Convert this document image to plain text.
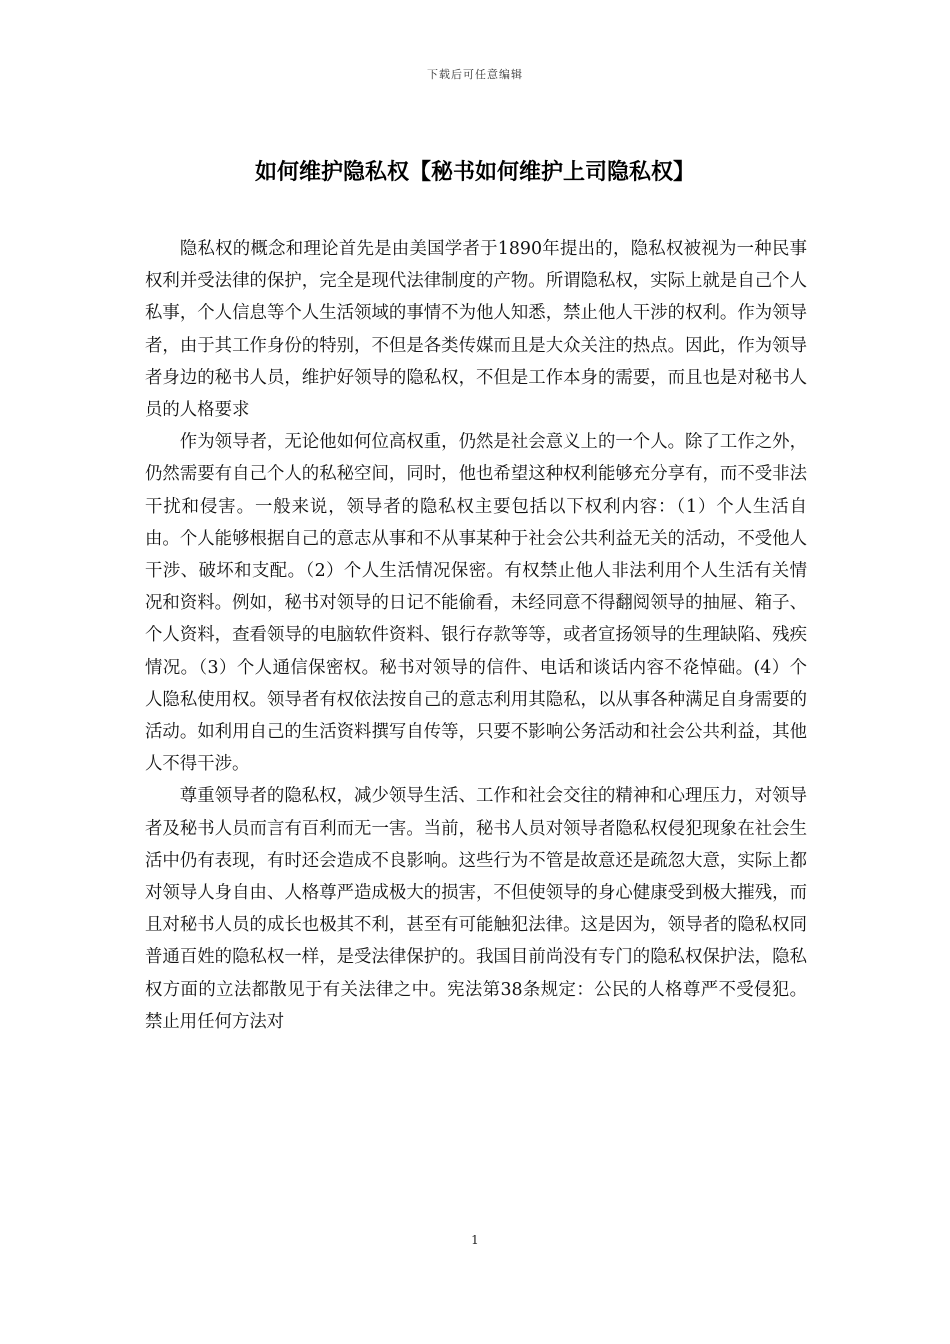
下载后可任意编辑
如何维护隐私权【秘书如何维护上司隐私权】

隐私权的概念和理论首先是由美国学者于1890年提出的，隐私权被视为一种民事权利并受法律的保护，完全是现代法律制度的产物。所谓隐私权，实际上就是自己个人私事，个人信息等个人生活领域的事情不为他人知悉，禁止他人干涉的权利。作为领导者，由于其工作身份的特别，不但是各类传媒而且是大众关注的热点。因此，作为领导者身边的秘书人员，维护好领导的隐私权，不但是工作本身的需要，而且也是对秘书人员的人格要求

作为领导者，无论他如何位高权重，仍然是社会意义上的一个人。除了工作之外，仍然需要有自己个人的私秘空间，同时，他也希望这种权利能够充分享有，而不受非法干扰和侵害。一般来说，领导者的隐私权主要包括以下权利内容：（1）个人生活自由。个人能够根据自己的意志从事和不从事某种于社会公共利益无关的活动，不受他人干涉、破坏和支配。（2）个人生活情况保密。有权禁止他人非法利用个人生活有关情况和资料。例如，秘书对领导的日记不能偷看，未经同意不得翻阅领导的抽屉、箱子、个人资料，查看领导的电脑软件资料、银行存款等等，或者宣扬领导的生理缺陷、残疾情况。（3）个人通信保密权。秘书对领导的信件、电话和谈话内容不炛悼础。(4）个人隐私使用权。领导者有权依法按自己的意志利用其隐私，以从事各种满足自身需要的活动。如利用自己的生活资料撰写自传等，只要不影响公务活动和社会公共利益，其他人不得干涉。

尊重领导者的隐私权，减少领导生活、工作和社会交往的精神和心理压力，对领导者及秘书人员而言有百利而无一害。当前，秘书人员对领导者隐私权侵犯现象在社会生活中仍有表现，有时还会造成不良影响。这些行为不管是故意还是疏忽大意，实际上都对领导人身自由、人格尊严造成极大的损害，不但使领导的身心健康受到极大摧残，而且对秘书人员的成长也极其不利，甚至有可能触犯法律。这是因为，领导者的隐私权同普通百姓的隐私权一样，是受法律保护的。我国目前尚没有专门的隐私权保护法，隐私权方面的立法都散见于有关法律之中。宪法第38条规定：公民的人格尊严不受侵犯。禁止用任何方法对

1
